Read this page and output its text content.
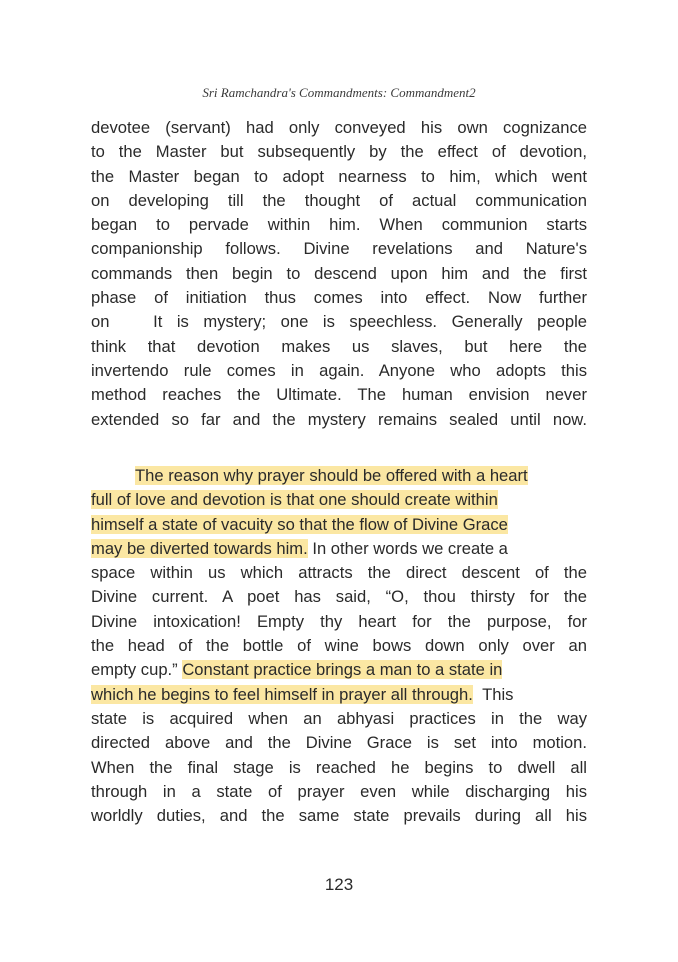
Sri Ramchandra's Commandments: Commandment2
devotee (servant) had only conveyed his own cognizance
to the Master but subsequently by the effect of devotion,
the Master began to adopt nearness to him, which went
on developing till the thought of actual communication
began to pervade within him. When communion starts
companionship follows. Divine revelations and Nature's
commands then begin to descend upon him and the first
phase of initiation thus comes into effect. Now further
on   It is mystery; one is speechless. Generally people
think that devotion makes us slaves, but here the
invertendo rule comes in again. Anyone who adopts this
method reaches the Ultimate. The human envision never
extended so far and the mystery remains sealed until now.
The reason why prayer should be offered with a heart
full of love and devotion is that one should create within
himself a state of vacuity so that the flow of Divine Grace
may be diverted towards him. In other words we create a
space within us which attracts the direct descent of the
Divine current. A poet has said, “O, thou thirsty for the
Divine intoxication! Empty thy heart for the purpose, for
the head of the bottle of wine bows down only over an
empty cup.” Constant practice brings a man to a state in
which he begins to feel himself in prayer all through.  This
state is acquired when an abhyasi practices in the way
directed above and the Divine Grace is set into motion.
When the final stage is reached he begins to dwell all
through in a state of prayer even while discharging his
worldly duties, and the same state prevails during all his
123
